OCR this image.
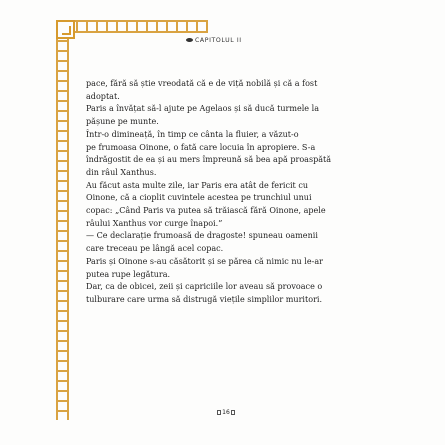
CAPITOLUL II
pace, fără să știe vreodată că e de viță nobilă și că a fost
adoptat.
Paris a învățat să-l ajute pe Agelaos și să ducă turmele la
pășune pe munte.
Într-o dimineață, în timp ce cânta la fluier, a văzut-o
pe frumoasa Oinone, o fată care locuia în apropiere. S-a
îndrăgostit de ea și au mers împreună să bea apă proaspătă
din râul Xanthus.
Au făcut asta multe zile, iar Paris era atât de fericit cu
Oinone, că a cioplit cuvintele acestea pe trunchiul unui
copac: „Când Paris va putea să trăiască fără Oinone, apele
râului Xanthus vor curge înapoi.”
— Ce declarație frumoasă de dragoste! spuneau oamenii
care treceau pe lângă acel copac.
Paris și Oinone s-au căsătorit și se părea că nimic nu le-ar
putea rupe legătura.
Dar, ca de obicei, zeii și capriciile lor aveau să provoace o
tulburare care urma să distrugă viețile simplilor muritori.
16
